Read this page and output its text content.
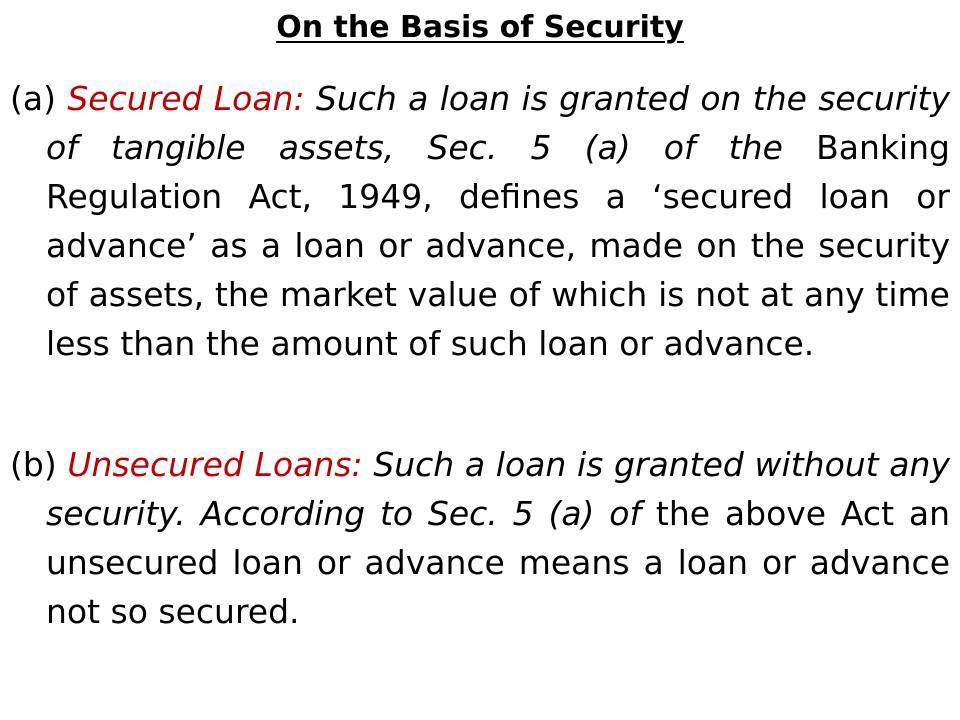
On the Basis of Security
(a) Secured Loan: Such a loan is granted on the security of tangible assets, Sec. 5 (a) of the Banking Regulation Act, 1949, defines a ‘secured loan or advance’ as a loan or advance, made on the security of assets, the market value of which is not at any time less than the amount of such loan or advance.
(b) Unsecured Loans: Such a loan is granted without any security. According to Sec. 5 (a) of the above Act an unsecured loan or advance means a loan or advance not so secured.
